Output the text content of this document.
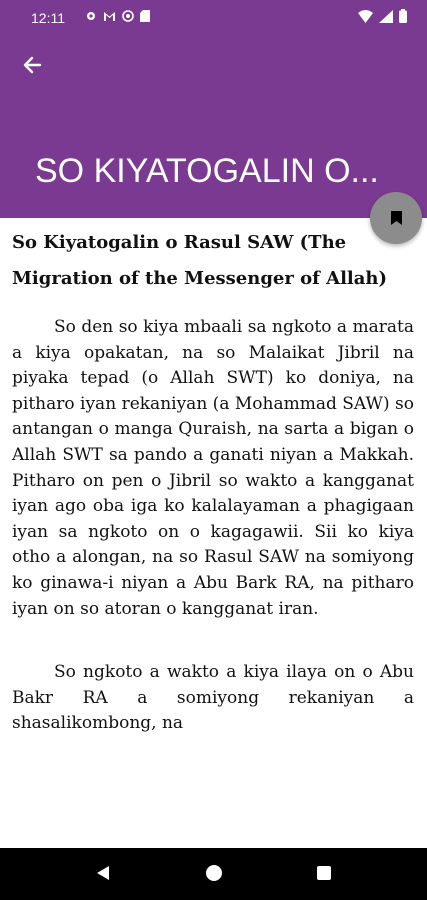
12:11
SO KIYATOGALIN O...
So Kiyatogalin o Rasul SAW (The Migration of the Messenger of Allah)

So den so kiya mbaali sa ngkoto a marata a kiya opakatan, na so Malaikat Jibril na piyaka tepad (o Allah SWT) ko doniya, na pitharo iyan rekaniyan (a Mohammad SAW) so antangan o manga Quraish, na sarta a bigan o Allah SWT sa pando a ganati niyan a Makkah. Pitharo on pen o Jibril so wakto a kangganat iyan ago oba iga ko kalalayaman a phagigaan iyan sa ngkoto on o kagagawii. Sii ko kiya otho a alongan, na so Rasul SAW na somiyong ko ginawa-i niyan a Abu Bark RA, na pitharo iyan on so atoran o kangganat iran.

So ngkoto a wakto a kiya ilaya on o Abu Bakr RA a somiyong rekaniyan a shasalikombong, na
